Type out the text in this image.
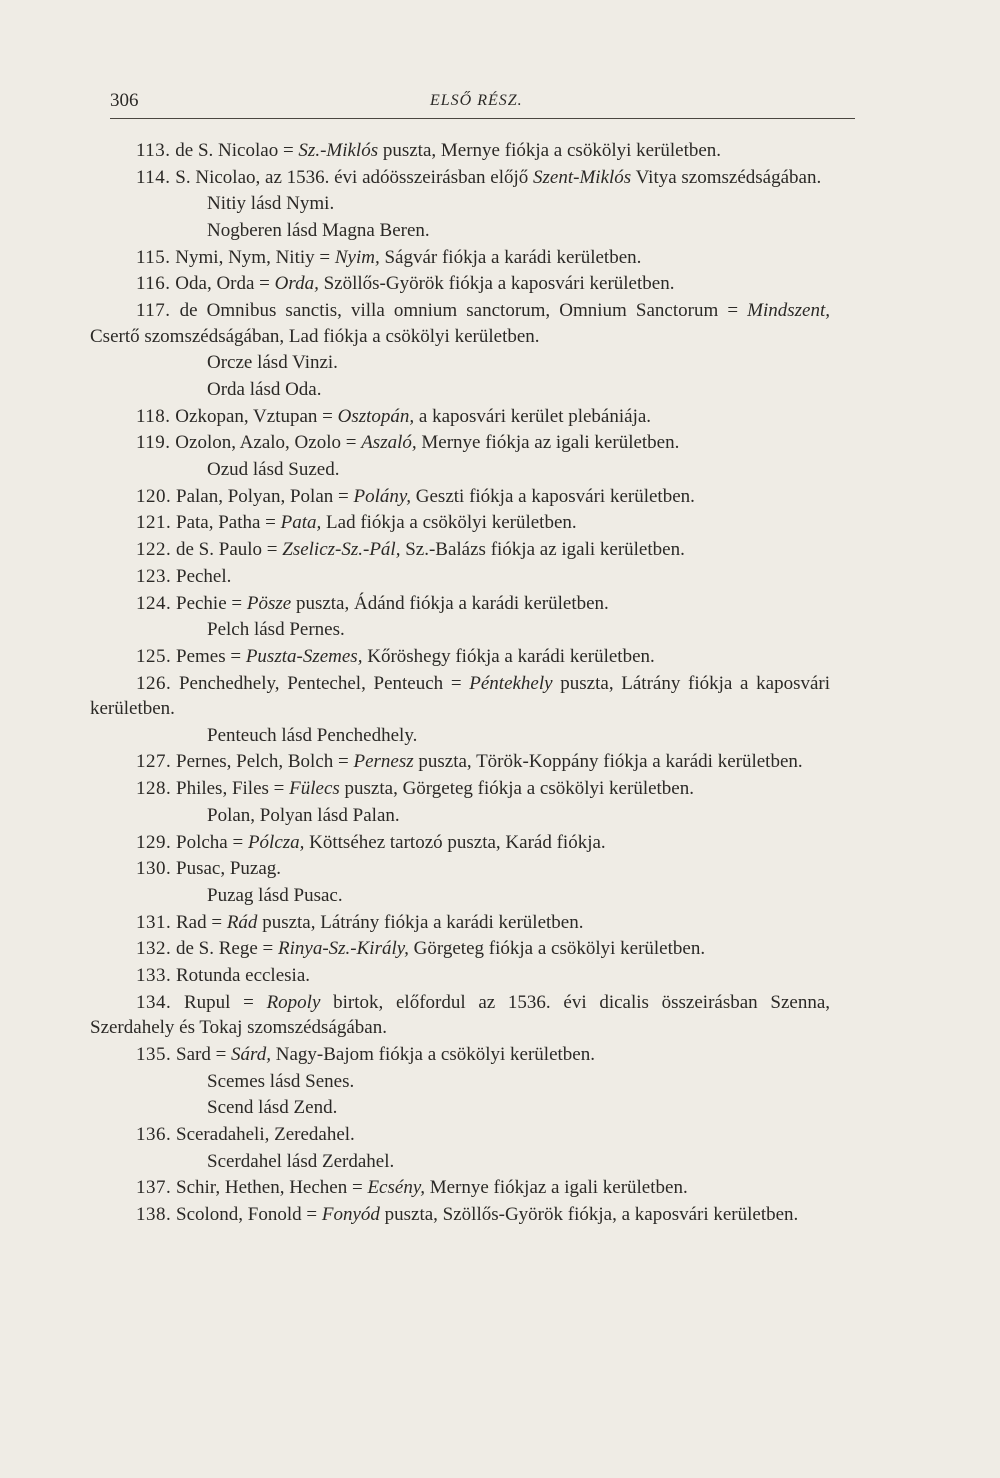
306	ELSŐ RÉSZ.

113. de S. Nicolao = Sz.-Miklós puszta, Mernye fiókja a csökölyi kerületben.

114. S. Nicolao, az 1536. évi adóösszeirásban előjő Szent-Miklós Vitya szomszédságában.

Nitiy lásd Nymi.

Nogberen lásd Magna Beren.

115. Nymi, Nym, Nitiy = Nyim, Ságvár fiókja a karádi kerületben.

116. Oda, Orda = Orda, Szöllős-Györök fiókja a kaposvári kerületben.

117. de Omnibus sanctis, villa omnium sanctorum, Omnium Sanctorum = Mindszent, Csertő szomszédságában, Lad fiókja a csökölyi kerületben.

Orcze lásd Vinzi.

Orda lásd Oda.

118. Ozkopan, Vztupan = Osztopán, a kaposvári kerület plebániája.

119. Ozolon, Azalo, Ozolo = Aszaló, Mernye fiókja az igali kerületben.

Ozud lásd Suzed.

120. Palan, Polyan, Polan = Polány, Geszti fiókja a kaposvári kerületben.

121. Pata, Patha = Pata, Lad fiókja a csökölyi kerületben.

122. de S. Paulo = Zselicz-Sz.-Pál, Sz.-Balázs fiókja az igali kerületben.

123. Pechel.

124. Pechie = Pösze puszta, Ádánd fiókja a karádi kerületben.

Pelch lásd Pernes.

125. Pemes = Puszta-Szemes, Kőröshegy fiókja a karádi kerületben.

126. Penchedhely, Pentechel, Penteuch = Péntekhely puszta, Látrány fiókja a kaposvári kerületben.

Penteuch lásd Penchedhely.

127. Pernes, Pelch, Bolch = Pernesz puszta, Török-Koppány fiókja a karádi kerületben.

128. Philes, Files = Fülecs puszta, Görgeteg fiókja a csökölyi kerületben.

Polan, Polyan lásd Palan.

129. Polcha = Pólcza, Köttséhez tartozó puszta, Karád fiókja.

130. Pusac, Puzag.

Puzag lásd Pusac.

131. Rad = Rád puszta, Látrány fiókja a karádi kerületben.

132. de S. Rege = Rinya-Sz.-Király, Görgeteg fiókja a csökölyi kerületben.

133. Rotunda ecclesia.

134. Rupul = Ropoly birtok, előfordul az 1536. évi dicalis összeirásban Szenna, Szerdahely és Tokaj szomszédságában.

135. Sard = Sárd, Nagy-Bajom fiókja a csökölyi kerületben.

Scemes lásd Senes.

Scend lásd Zend.

136. Sceradaheli, Zeredahel.

Scerdahel lásd Zerdahel.

137. Schir, Hethen, Hechen = Ecsény, Mernye fiókjaz a igali kerületben.

138. Scolond, Fonold = Fonyód puszta, Szöllős-Györök fiókja, a kaposvári kerületben.
